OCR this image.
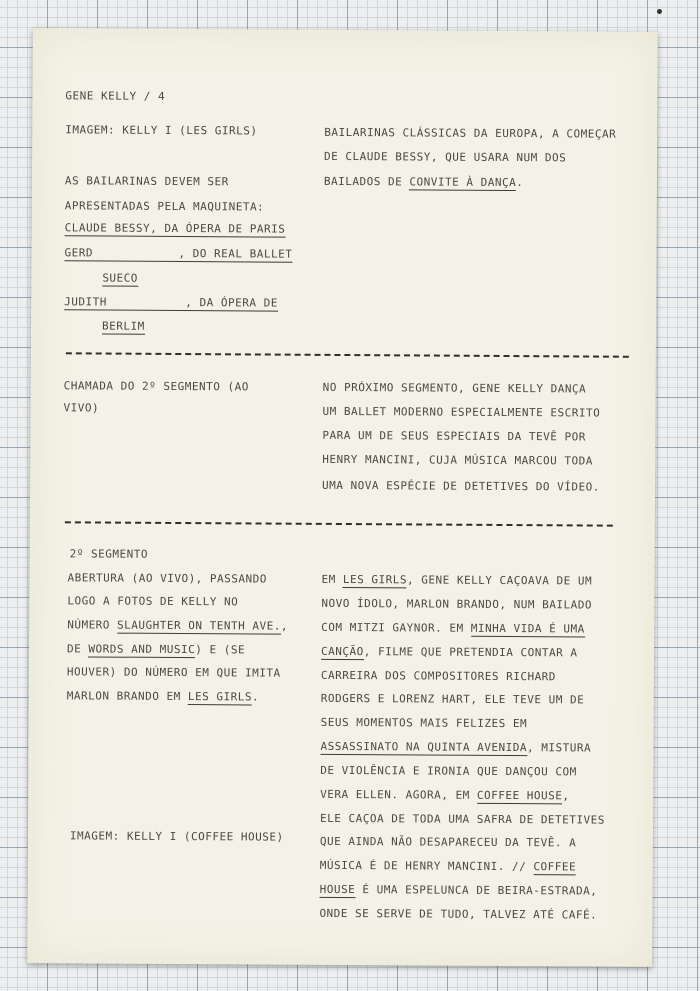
GENE KELLY / 4
IMAGEM: KELLY I (LES GIRLS)
AS BAILARINAS DEVEM SER
APRESENTADAS PELA MAQUINETA:
CLAUDE BESSY, DA ÓPERA DE PARIS
GERD            , DO REAL BALLET
SUECO
JUDITH           , DA ÓPERA DE
BERLIM
BAILARINAS CLÁSSICAS DA EUROPA, A COMEÇAR
DE CLAUDE BESSY, QUE USARA NUM DOS
BAILADOS DE CONVITE À DANÇA.
CHAMADA DO 2º SEGMENTO (AO
VIVO)
NO PRÓXIMO SEGMENTO, GENE KELLY DANÇA
UM BALLET MODERNO ESPECIALMENTE ESCRITO
PARA UM DE SEUS ESPECIAIS DA TEVÊ POR
HENRY MANCINI, CUJA MÚSICA MARCOU TODA
UMA NOVA ESPÉCIE DE DETETIVES DO VÍDEO.
2º SEGMENTO
ABERTURA (AO VIVO), PASSANDO
LOGO A FOTOS DE KELLY NO
NÚMERO SLAUGHTER ON TENTH AVE.,
DE WORDS AND MUSIC) E (SE
HOUVER) DO NÚMERO EM QUE IMITA
MARLON BRANDO EM LES GIRLS.
IMAGEM: KELLY I (COFFEE HOUSE)
EM LES GIRLS, GENE KELLY CAÇOAVA DE UM
NOVO ÍDOLO, MARLON BRANDO, NUM BAILADO
COM MITZI GAYNOR. EM MINHA VIDA É UMA
CANÇÃO, FILME QUE PRETENDIA CONTAR A
CARREIRA DOS COMPOSITORES RICHARD
RODGERS E LORENZ HART, ELE TEVE UM DE
SEUS MOMENTOS MAIS FELIZES EM
ASSASSINATO NA QUINTA AVENIDA, MISTURA
DE VIOLÊNCIA E IRONIA QUE DANÇOU COM
VERA ELLEN. AGORA, EM COFFEE HOUSE,
ELE CAÇOA DE TODA UMA SAFRA DE DETETIVES
QUE AINDA NÃO DESAPARECEU DA TEVÊ. A
MÚSICA É DE HENRY MANCINI. // COFFEE
HOUSE É UMA ESPELUNCA DE BEIRA-ESTRADA,
ONDE SE SERVE DE TUDO, TALVEZ ATÉ CAFÉ.
